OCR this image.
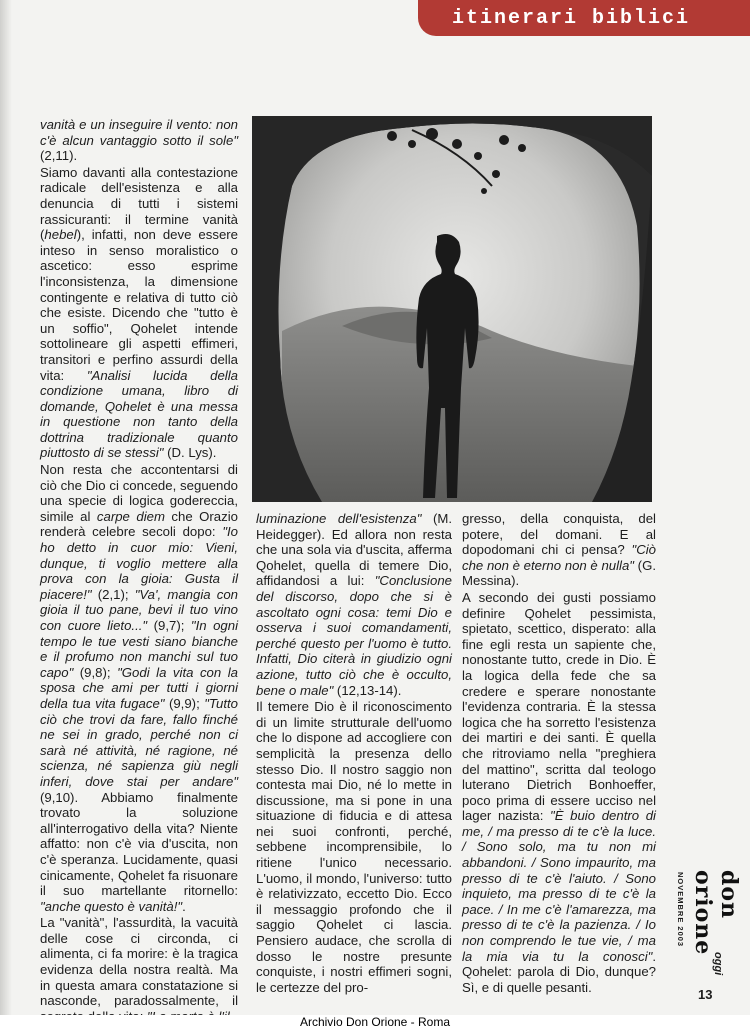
itinerari biblici

vanità e un inseguire il vento: non c'è alcun vantaggio sotto il sole" (2,11).

Siamo davanti alla contestazione radicale dell'esistenza e alla denuncia di tutti i sistemi rassicuranti: il termine vanità (hebel), infatti, non deve essere inteso in senso moralistico o ascetico: esso esprime l'inconsistenza, la dimensione contingente e relativa di tutto ciò che esiste. Dicendo che "tutto è un soffio", Qohelet intende sottolineare gli aspetti effimeri, transitori e perfino assurdi della vita: "Analisi lucida della condizione umana, libro di domande, Qohelet è una messa in questione non tanto della dottrina tradizionale quanto piuttosto di se stessi" (D. Lys).

Non resta che accontentarsi di ciò che Dio ci concede, seguendo una specie di logica godereccia, simile al carpe diem che Orazio renderà celebre secoli dopo: "Io ho detto in cuor mio: Vieni, dunque, ti voglio mettere alla prova con la gioia: Gusta il piacere!" (2,1); "Va', mangia con gioia il tuo pane, bevi il tuo vino con cuore lieto..." (9,7); "In ogni tempo le tue vesti siano bianche e il profumo non manchi sul tuo capo" (9,8); "Godi la vita con la sposa che ami per tutti i giorni della tua vita fugace" (9,9); "Tutto ciò che trovi da fare, fallo finché ne sei in grado, perché non ci sarà né attività, né ragione, né scienza, né sapienza giù negli inferi, dove stai per andare" (9,10). Abbiamo finalmente trovato la soluzione all'interrogativo della vita? Niente affatto: non c'è via d'uscita, non c'è speranza. Lucidamente, quasi cinicamente, Qohelet fa risuonare il suo martellante ritornello: "anche questo è vanità!".

La "vanità", l'assurdità, la vacuità delle cose ci circonda, ci alimenta, ci fa morire: è la tragica evidenza della nostra realtà. Ma in questa amara constatazione si nasconde, paradossalmente, il

luminazione dell'esistenza" (M. Heidegger). Ed allora non resta che una sola via d'uscita, afferma Qohelet, quella di temere Dio, affidandosi a lui: "Conclusione del discorso, dopo che si è ascoltato ogni cosa: temi Dio e osserva i suoi comandamenti, perché questo per l'uomo è tutto. Infatti, Dio citerà in giudizio ogni azione, tutto ciò che è occulto, bene o male" (12,13-14).

Il temere Dio è il riconoscimento di un limite strutturale dell'uomo che lo dispone ad accogliere con semplicità la presenza dello stesso Dio. Il nostro saggio non contesta mai Dio, né lo mette in discussione, ma si pone in una situazione di fiducia e di attesa nei suoi confronti, perché, sebbene incomprensibile, lo ritiene l'unico necessario. L'uomo, il mondo, l'universo: tutto è relativizzato, eccetto Dio. Ecco il messaggio profondo che il saggio Qohelet ci lascia. Pensiero audace, che scrolla di dosso le nostre presunte conquiste, i nostri effimeri sogni, le certezze del pro-

gresso, della conquista, del potere, del domani. E al dopodomani chi ci pensa? "Ciò che non è eterno non è nulla" (G. Messina).

A secondo dei gusti possiamo definire Qohelet pessimista, spietato, scettico, disperato: alla fine egli resta un sapiente che, nonostante tutto, crede in Dio. È la logica della fede che sa credere e sperare nonostante l'evidenza contraria. È la stessa logica che ha sorretto l'esistenza dei martiri e dei santi. È quella che ritroviamo nella "preghiera del mattino", scritta dal teologo luterano Dietrich Bonhoeffer, poco prima di essere ucciso nel lager nazista: "È buio dentro di me, / ma presso di te c'è la luce. / Sono solo, ma tu non mi abbandoni. / Sono impaurito, ma presso di te c'è l'aiuto. / Sono inquieto, ma presso di te c'è la pace. / In me c'è l'amarezza, ma presso di te c'è la pazienza. / Io non comprendo le tue vie, / ma la mia via tu la conosci". Qohelet: parola di Dio, dunque? Sì, e di quelle pesanti.

NOVEMBRE 2003	don orione
oggi
13
Archivio Don Orione - Roma
